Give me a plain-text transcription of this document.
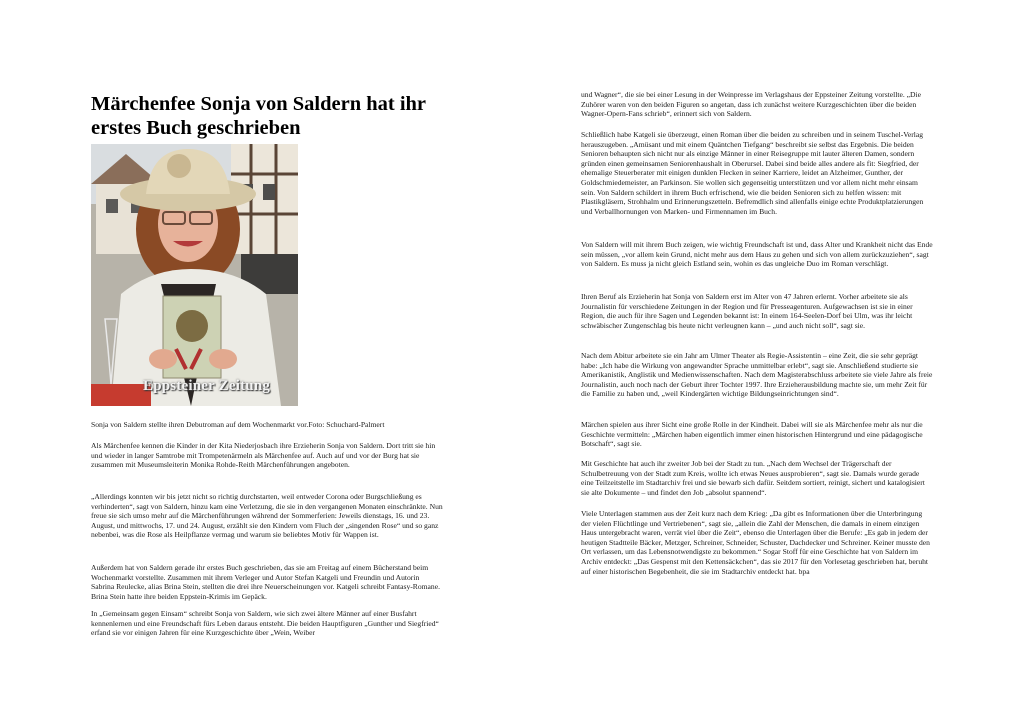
Märchenfee Sonja von Saldern hat ihr erstes Buch geschrieben
Eppsteiner Zeitung

Sonja von Saldern stellte ihren Debutroman auf dem Wochenmarkt vor.Foto: Schuchard-Palmert

Als Märchenfee kennen die Kinder in der Kita Niederjosbach ihre Erzieherin Sonja von Saldern. Dort tritt sie hin und wieder in langer Samtrobe mit Trompetenärmeln als Märchenfee auf. Auch auf und vor der Burg hat sie zusammen mit Museumsleiterin Monika Rohde-Reith Märchenführungen angeboten.

„Allerdings konnten wir bis jetzt nicht so richtig durchstarten, weil entweder Corona oder Burgschließung es verhinderten“, sagt von Saldern, hinzu kam eine Verletzung, die sie in den vergangenen Monaten einschränkte. Nun freue sie sich umso mehr auf die Märchenführungen während der Sommerferien: Jeweils dienstags, 16. und 23. August, und mittwochs, 17. und 24. August, erzählt sie den Kindern vom Fluch der „singenden Rose“ und so ganz nebenbei, was die Rose als Heilpflanze vermag und warum sie beliebtes Motiv für Wappen ist.

Außerdem hat von Saldern gerade ihr erstes Buch geschrieben, das sie am Freitag auf einem Bücherstand beim Wochenmarkt vorstellte. Zusammen mit ihrem Verleger und Autor Stefan Katgeli und Freundin und Autorin Sabrina Reulecke, alias Brina Stein, stellten die drei ihre Neuerscheinungen vor. Katgeli schreibt Fantasy-Romane. Brina Stein hatte ihre beiden Eppstein-Krimis im Gepäck.

In „Gemeinsam gegen Einsam“ schreibt Sonja von Saldern, wie sich zwei ältere Männer auf einer Busfahrt kennenlernen und eine Freundschaft fürs Leben daraus entsteht. Die beiden Hauptfiguren „Gunther und Siegfried“ erfand sie vor einigen Jahren für eine Kurzgeschichte über „Wein, Weiber

und Wagner“, die sie bei einer Lesung in der Weinpresse im Verlagshaus der Eppsteiner Zeitung vorstellte. „Die Zuhörer waren von den beiden Figuren so angetan, dass ich zunächst weitere Kurzgeschichten über die beiden Wagner-Opern-Fans schrieb“, erinnert sich von Saldern.

Schließlich habe Katgeli sie überzeugt, einen Roman über die beiden zu schreiben und in seinem Tuschel-Verlag herauszugeben. „Amüsant und mit einem Quäntchen Tiefgang“ beschreibt sie selbst das Ergebnis. Die beiden Senioren behaupten sich nicht nur als einzige Männer in einer Reisegruppe mit lauter älteren Damen, sondern gründen einen gemeinsamen Seniorenhaushalt in Oberursel. Dabei sind beide alles andere als fit: Siegfried, der ehemalige Steuerberater mit einigen dunklen Flecken in seiner Karriere, leidet an Alzheimer, Gunther, der Goldschmiedemeister, an Parkinson. Sie wollen sich gegenseitig unterstützen und vor allem nicht mehr einsam sein. Von Saldern schildert in ihrem Buch erfrischend, wie die beiden Senioren sich zu helfen wissen: mit Plastikgläsern, Strohhalm und Erinnerungszetteln. Befremdlich sind allenfalls einige echte Produktplatzierungen und Verballhornungen von Marken- und Firmennamen im Buch.

Von Saldern will mit ihrem Buch zeigen, wie wichtig Freundschaft ist und, dass Alter und Krankheit nicht das Ende sein müssen, „vor allem kein Grund, nicht mehr aus dem Haus zu gehen und sich von allem zurückzuziehen“, sagt von Saldern. Es muss ja nicht gleich Estland sein, wohin es das ungleiche Duo im Roman verschlägt.

Ihren Beruf als Erzieherin hat Sonja von Saldern erst im Alter von 47 Jahren erlernt. Vorher arbeitete sie als Journalistin für verschiedene Zeitungen in der Region und für Presseagenturen. Aufgewachsen ist sie in einer Region, die auch für ihre Sagen und Legenden bekannt ist: In einem 164-Seelen-Dorf bei Ulm, was ihr leicht schwäbischer Zungenschlag bis heute nicht verleugnen kann – „und auch nicht soll“, sagt sie.

Nach dem Abitur arbeitete sie ein Jahr am Ulmer Theater als Regie-Assistentin – eine Zeit, die sie sehr geprägt habe: „Ich habe die Wirkung von angewandter Sprache unmittelbar erlebt“, sagt sie. Anschließend studierte sie Amerikanistik, Anglistik und Medienwissenschaften. Nach dem Magisterabschluss arbeitete sie viele Jahre als freie Journalistin, auch noch nach der Geburt ihrer Tochter 1997. Ihre Erzieherausbildung machte sie, um mehr Zeit für die Familie zu haben und, „weil Kindergärten wichtige Bildungseinrichtungen sind“.

Märchen spielen aus ihrer Sicht eine große Rolle in der Kindheit. Dabei will sie als Märchenfee mehr als nur die Geschichte vermitteln: „Märchen haben eigentlich immer einen historischen Hintergrund und eine pädagogische Botschaft“, sagt sie.

Mit Geschichte hat auch ihr zweiter Job bei der Stadt zu tun. „Nach dem Wechsel der Trägerschaft der Schulbetreuung von der Stadt zum Kreis, wollte ich etwas Neues ausprobieren“, sagt sie. Damals wurde gerade eine Teilzeitstelle im Stadtarchiv frei und sie bewarb sich dafür. Seitdem sortiert, reinigt, sichert und katalogisiert sie alte Dokumente – und findet den Job „absolut spannend“.

Viele Unterlagen stammen aus der Zeit kurz nach dem Krieg: „Da gibt es Informationen über die Unterbringung der vielen Flüchtlinge und Vertriebenen“, sagt sie, „allein die Zahl der Menschen, die damals in einem einzigen Haus untergebracht waren, verrät viel über die Zeit“, ebenso die Unterlagen über die Berufe: „Es gab in jedem der heutigen Stadtteile Bäcker, Metzger, Schreiner, Schneider, Schuster, Dachdecker und Schreiner. Keiner musste den Ort verlassen, um das Lebensnotwendigste zu bekommen.“ Sogar Stoff für eine Geschichte hat von Saldern im Archiv entdeckt: „Das Gespenst mit den Kettensäckchen“, das sie 2017 für den Vorlesetag geschrieben hat, beruht auf einer historischen Begebenheit, die sie im Stadtarchiv entdeckt hat. bpa
